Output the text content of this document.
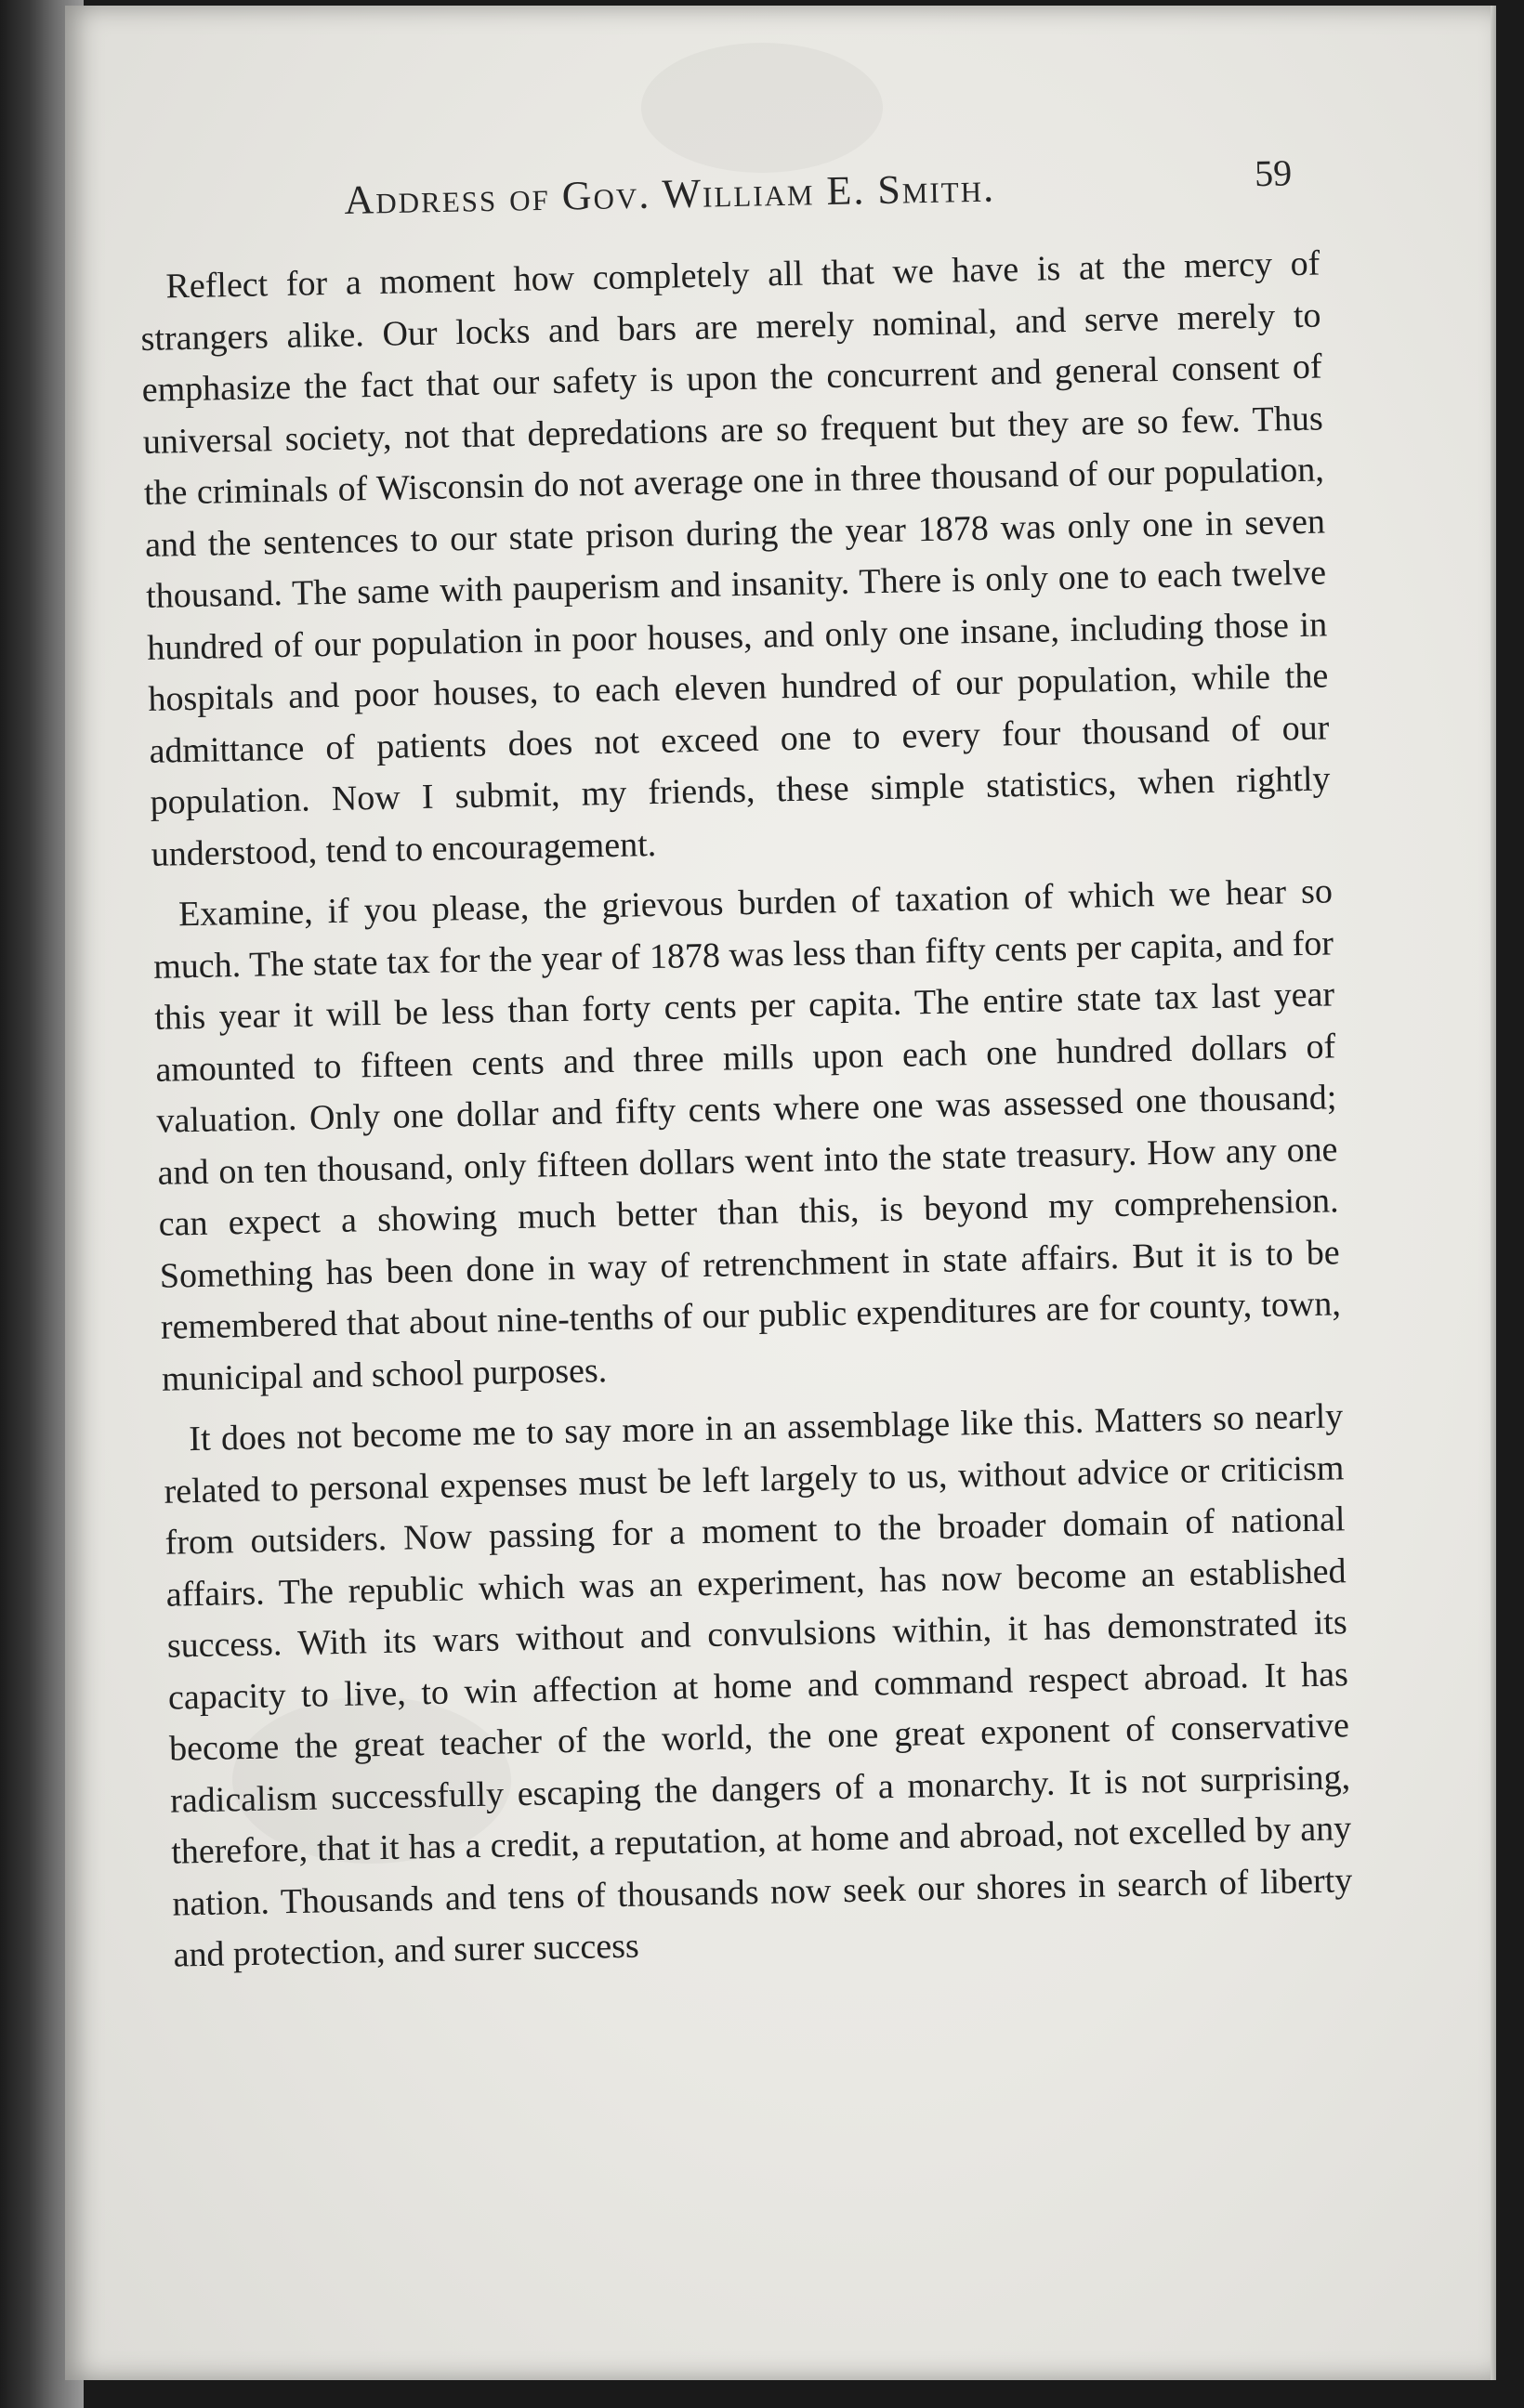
Address of Gov. William E. Smith.	59

Reflect for a moment how completely all that we have is at the mercy of strangers alike. Our locks and bars are merely nominal, and serve merely to emphasize the fact that our safety is upon the concurrent and general consent of universal society, not that depredations are so frequent but they are so few. Thus the criminals of Wisconsin do not average one in three thousand of our population, and the sentences to our state prison during the year 1878 was only one in seven thousand. The same with pauperism and insanity. There is only one to each twelve hundred of our population in poor houses, and only one insane, including those in hospitals and poor houses, to each eleven hundred of our population, while the admittance of patients does not exceed one to every four thousand of our population. Now I submit, my friends, these simple statistics, when rightly understood, tend to encouragement.

Examine, if you please, the grievous burden of taxation of which we hear so much. The state tax for the year of 1878 was less than fifty cents per capita, and for this year it will be less than forty cents per capita. The entire state tax last year amounted to fifteen cents and three mills upon each one hundred dollars of valuation. Only one dollar and fifty cents where one was assessed one thousand; and on ten thousand, only fifteen dollars went into the state treasury. How any one can expect a showing much better than this, is beyond my comprehension. Something has been done in way of retrenchment in state affairs. But it is to be remembered that about nine-tenths of our public expenditures are for county, town, municipal and school purposes.

It does not become me to say more in an assemblage like this. Matters so nearly related to personal expenses must be left largely to us, without advice or criticism from outsiders. Now passing for a moment to the broader domain of national affairs. The republic which was an experiment, has now become an established success. With its wars without and convulsions within, it has demonstrated its capacity to live, to win affection at home and command respect abroad. It has become the great teacher of the world, the one great exponent of conservative radicalism successfully escaping the dangers of a monarchy. It is not surprising, therefore, that it has a credit, a reputation, at home and abroad, not excelled by any nation. Thousands and tens of thousands now seek our shores in search of liberty and protection, and surer success
